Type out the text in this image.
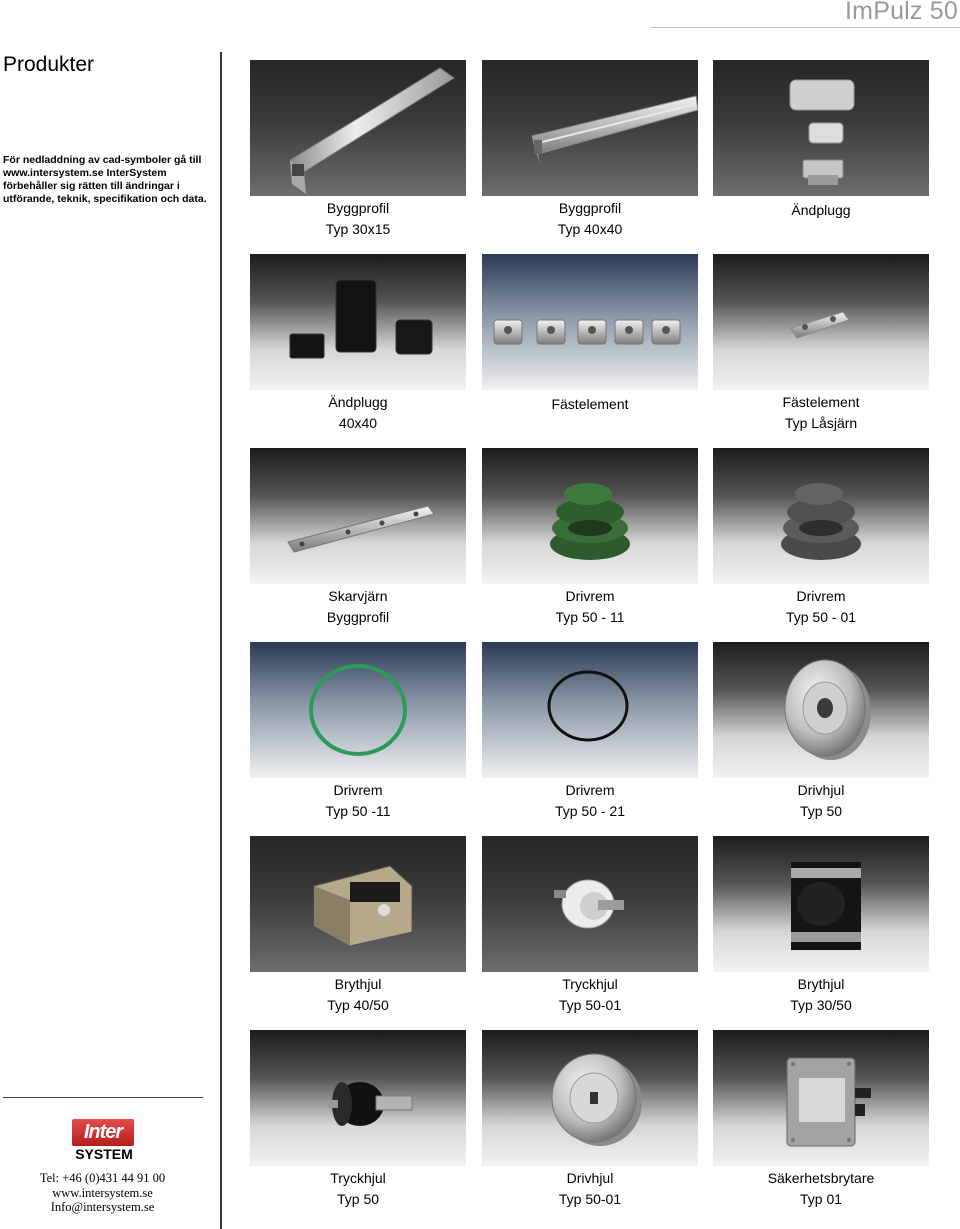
ImPulz 50
Produkter
För nedladdning av cad-symboler gå till www.intersystem.se InterSystem förbehåller sig rätten till ändringar i utförande, teknik, specifikation och data.
Inter
SYSTEM
Tel: +46 (0)431 44 91 00
www.intersystem.se
Info@intersystem.se
Byggprofil
Typ 30x15
Byggprofil
Typ 40x40
Ändplugg
Ändplugg
40x40
Fästelement	Fästelement
Typ Låsjärn
Skarvjärn
Byggprofil
Drivrem
Typ 50 - 11
Drivrem
Typ 50 - 01
Drivrem
Typ 50 -11
Drivrem
Typ 50 - 21
Drivhjul
Typ 50
Brythjul
Typ 40/50
Tryckhjul
Typ 50-01
Brythjul
Typ 30/50
Tryckhjul
Typ 50
Drivhjul
Typ 50-01
Säkerhetsbrytare
Typ 01
